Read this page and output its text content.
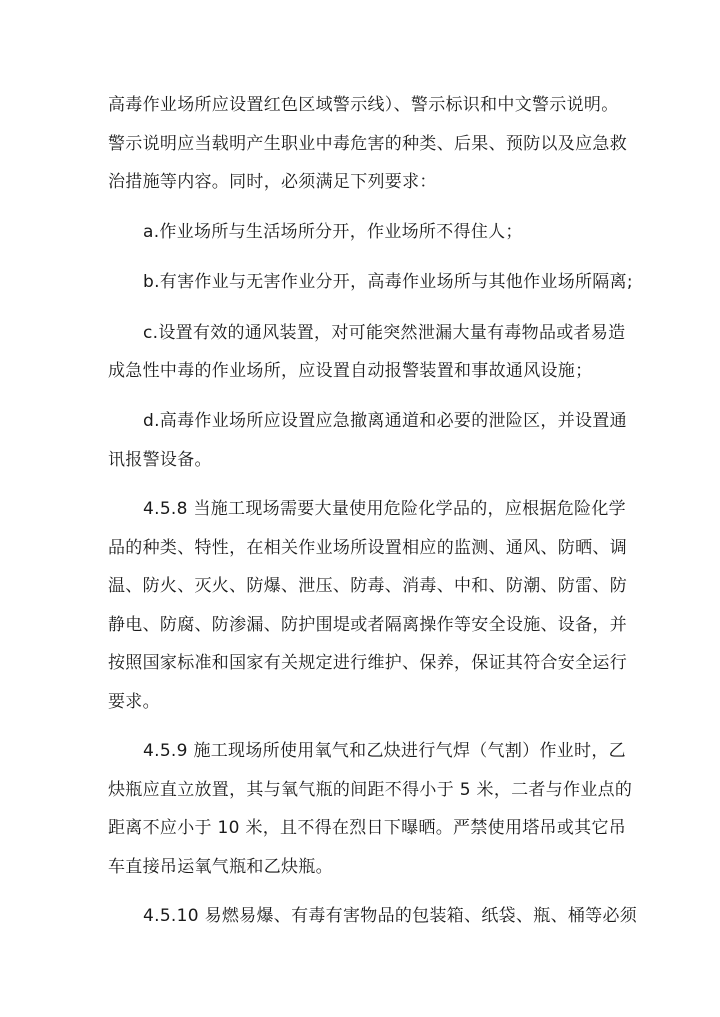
高毒作业场所应设置红色区域警示线）、警示标识和中文警示说明。
警示说明应当载明产生职业中毒危害的种类、后果、预防以及应急救
治措施等内容。同时，必须满足下列要求：
a.作业场所与生活场所分开，作业场所不得住人；
b.有害作业与无害作业分开，高毒作业场所与其他作业场所隔离;
c.设置有效的通风装置，对可能突然泄漏大量有毒物品或者易造
成急性中毒的作业场所，应设置自动报警装置和事故通风设施；
d.高毒作业场所应设置应急撤离通道和必要的泄险区，并设置通
讯报警设备。
4.5.8 当施工现场需要大量使用危险化学品的，应根据危险化学
品的种类、特性，在相关作业场所设置相应的监测、通风、防晒、调
温、防火、灭火、防爆、泄压、防毒、消毒、中和、防潮、防雷、防
静电、防腐、防渗漏、防护围堤或者隔离操作等安全设施、设备，并
按照国家标准和国家有关规定进行维护、保养，保证其符合安全运行
要求。
4.5.9 施工现场所使用氧气和乙炔进行气焊（气割）作业时，乙
炔瓶应直立放置，其与氧气瓶的间距不得小于 5 米，二者与作业点的
距离不应小于 10 米，且不得在烈日下曝晒。严禁使用塔吊或其它吊
车直接吊运氧气瓶和乙炔瓶。
4.5.10 易燃易爆、有毒有害物品的包装箱、纸袋、瓶、桶等必须
